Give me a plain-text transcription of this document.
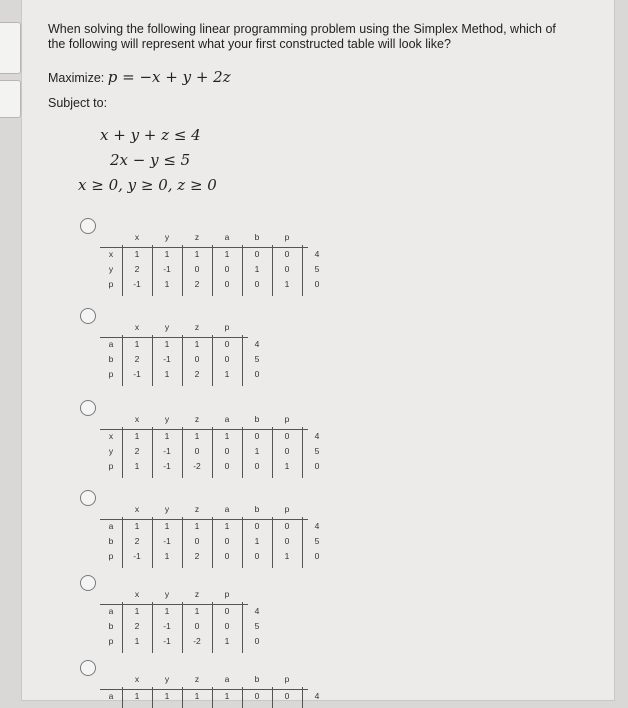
When solving the following linear programming problem using the Simplex Method, which of the following will represent what your first constructed table will look like?
Maximize: p = −x + y + 2z
Subject to:
x + y + z ≤ 4
2x − y ≤ 5
x ≥ 0, y ≥ 0, z ≥ 0
x	y	z	a	b	p
x	1	1	1	1	0	0	4
y	2	-1	0	0	1	0	5
p -1	1	2	0	0	1	0
x	y	z	p
a	1	1	1	0	4
b	2	-1	0	0	5
p -1	1	2	1	0
x	y	z	a	b	p
x	1	1	1	1	0	0	4
y	2	-1	0	0	1	0	5
p	1	-1	-2	0	0	1	0
x	y	z	a	b	p
a	1	1	1	1	0	0	4
b	2	-1	0	0	1	0	5
p -1	1	2	0	0	1	0
x	y	z	p
a	1	1	1	0	4
b	2	-1	0	0	5
p	1	-1	-2	1	0
x	y	z	a	b	p
a	1	1	1	1	0	0	4
